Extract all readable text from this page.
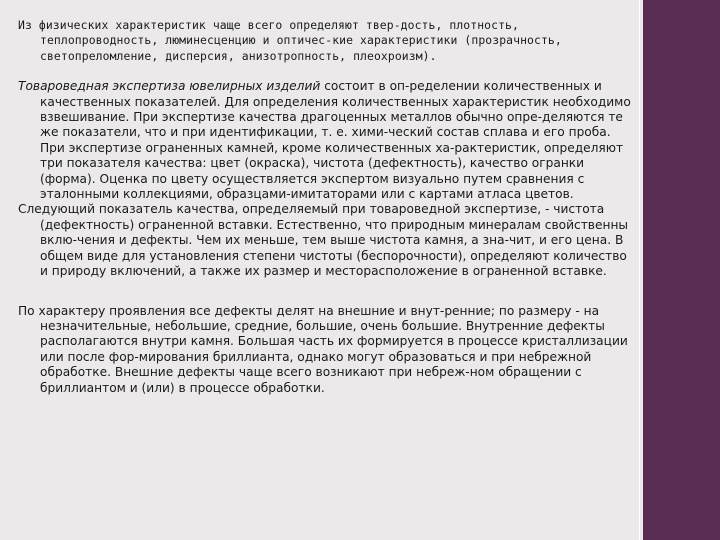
Из физических характеристик чаще всего определяют твер-дость, плотность, теплопроводность, люминесценцию и оптичес-кие характеристики (прозрачность, светопреломление, дисперсия, анизотропность, плеохроизм).

Товароведная экспертиза ювелирных изделий состоит в оп-ределении количественных и качественных показателей. Для определения количественных характеристик необходимо взвешивание. При экспертизе качества драгоценных металлов обычно опре-деляются те же показатели, что и при идентификации, т. е. хими-ческий состав сплава и его проба. При экспертизе ограненных камней, кроме количественных ха-рактеристик, определяют три показателя качества: цвет (окраска), чистота (дефектность), качество огранки (форма). Оценка по цвету осуществляется экспертом визуально путем сравнения с эталонными коллекциями, образцами-имитаторами или с картами атласа цветов.

Следующий показатель качества, определяемый при товароведной экспертизе, - чистота (дефектность) ограненной вставки. Естественно, что природным минералам свойственны вклю-чения и дефекты. Чем их меньше, тем выше чистота камня, а зна-чит, и его цена. В общем виде для установления степени чистоты (беспорочности), определяют количество и природу включений, а также их размер и месторасположение в ограненной вставке.

По характеру проявления все дефекты делят на внешние и внут-ренние; по размеру - на незначительные, небольшие, средние, большие, очень большие. Внутренние дефекты располагаются внутри камня. Большая часть их формируется в процессе кристаллизации или после фор-мирования бриллианта, однако могут образоваться и при небрежной обработке. Внешние дефекты чаще всего возникают при небреж-ном обращении с бриллиантом и (или) в процессе обработки.
